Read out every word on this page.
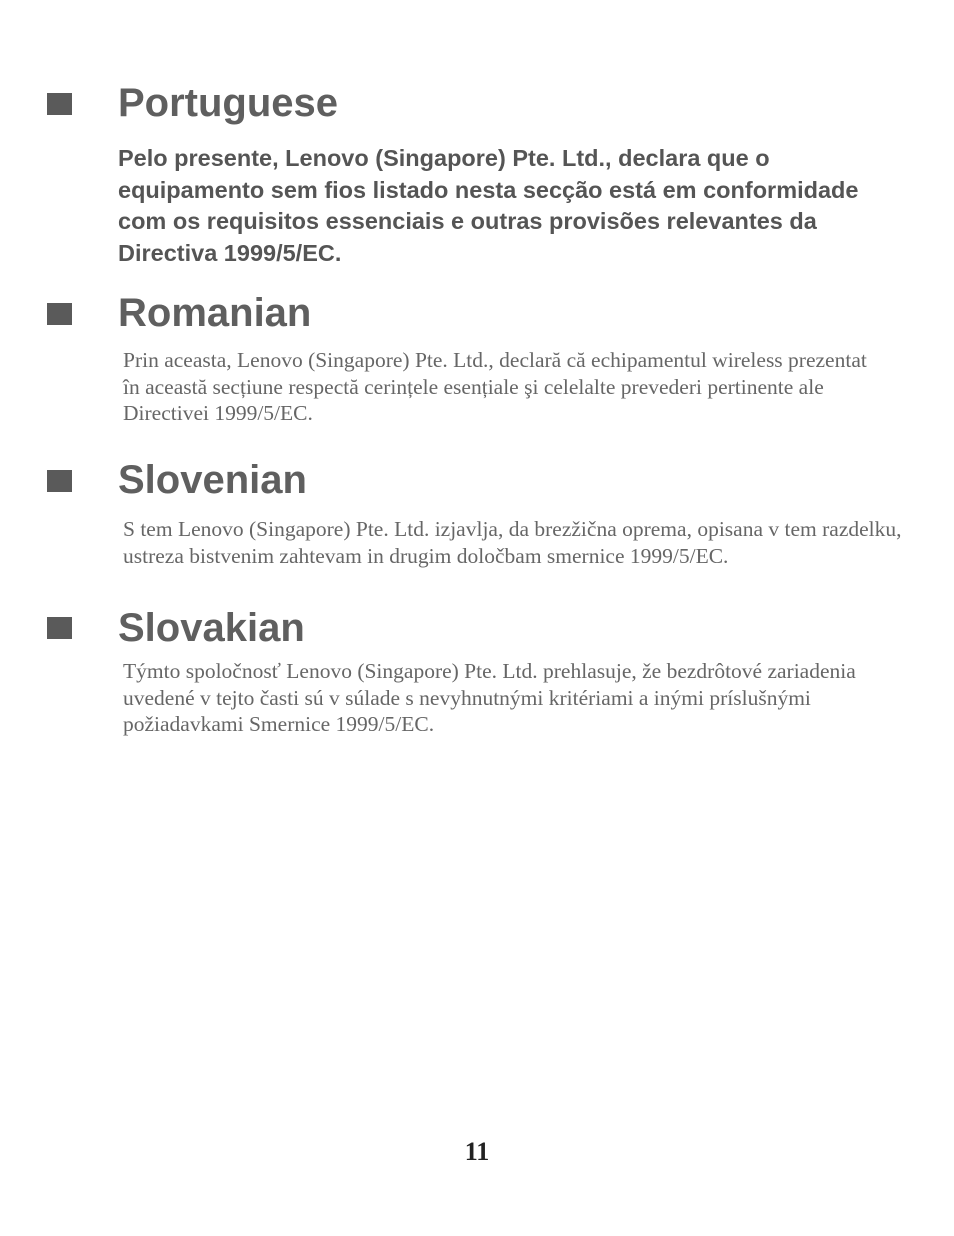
Portuguese

Pelo presente, Lenovo (Singapore) Pte. Ltd., declara que o equipamento sem fios listado nesta secção está em conformidade com os requisitos essenciais e outras provisões relevantes da Directiva 1999/5/EC.

Romanian

Prin aceasta, Lenovo (Singapore) Pte. Ltd., declară că echipamentul wireless prezentat în această secțiune respectă cerințele esențiale şi celelalte prevederi pertinente ale Directivei 1999/5/EC.

Slovenian

S tem Lenovo (Singapore) Pte. Ltd. izjavlja, da brezžična oprema, opisana v tem razdelku, ustreza bistvenim zahtevam in drugim določbam smernice 1999/5/EC.

Slovakian

Týmto spoločnosť Lenovo (Singapore) Pte. Ltd. prehlasuje, že bezdrôtové zariadenia uvedené v tejto časti sú v súlade s nevyhnutnými kritériami a inými príslušnými požiadavkami Smernice 1999/5/EC.

11
